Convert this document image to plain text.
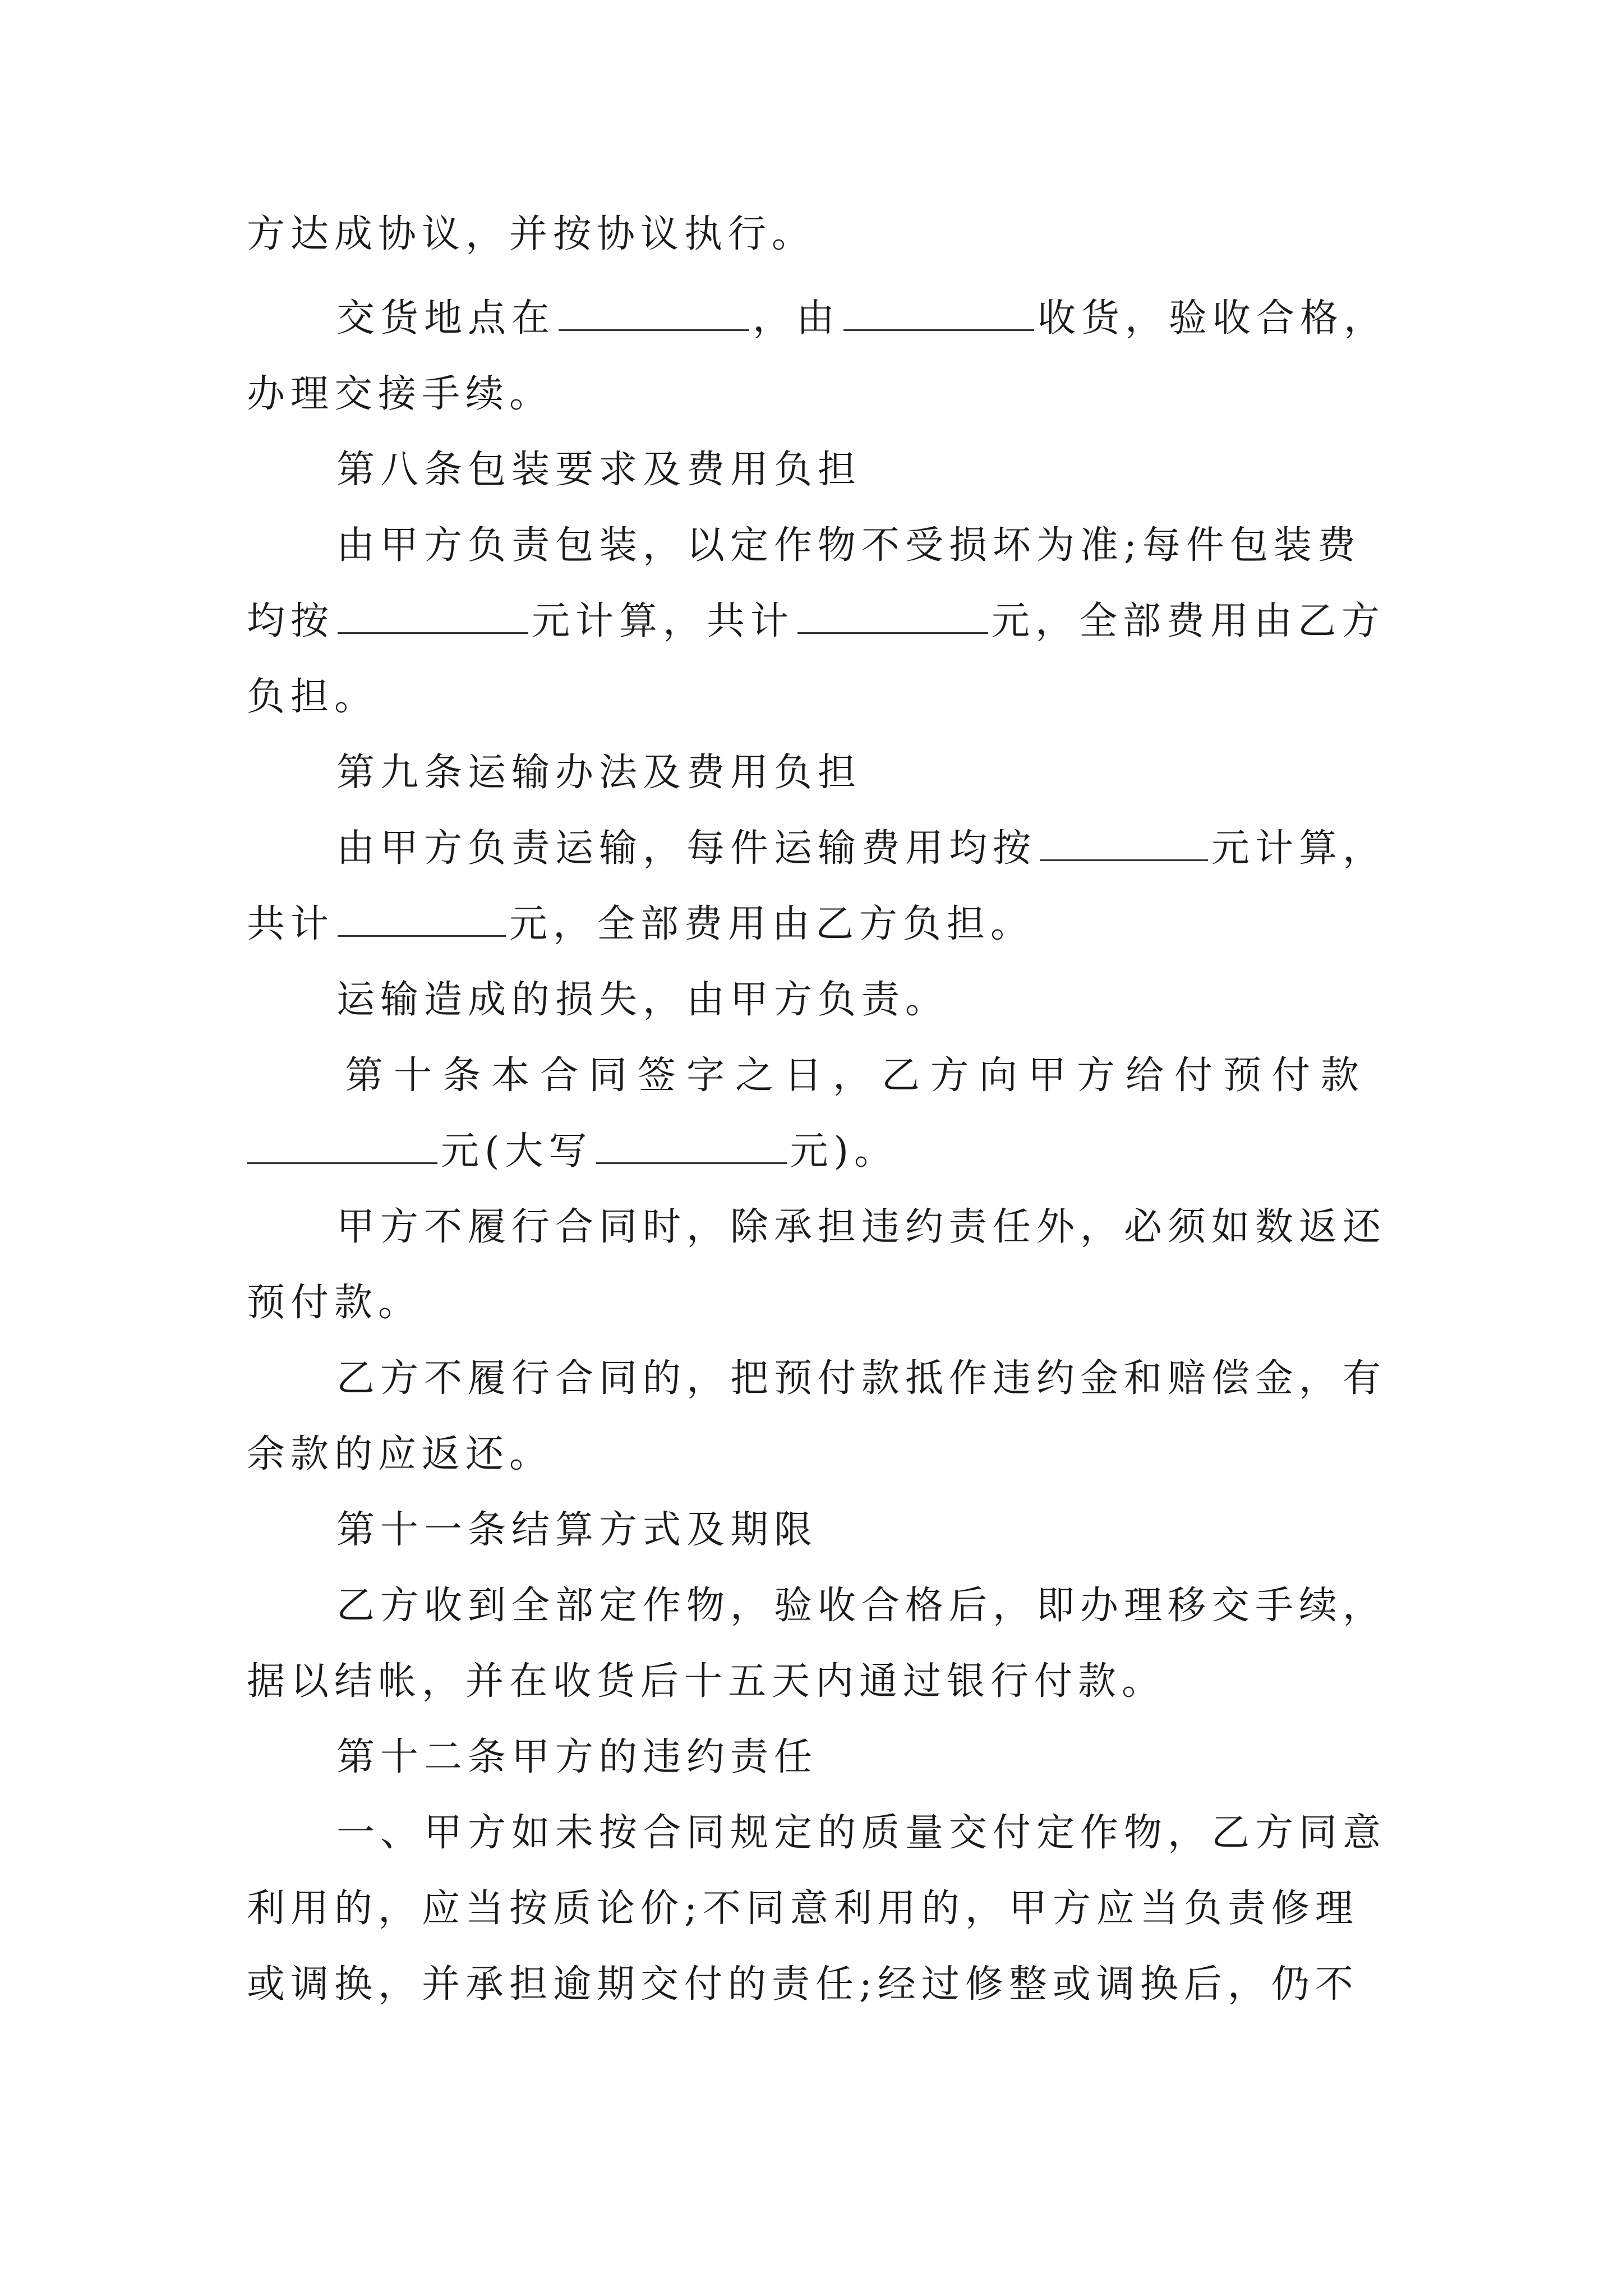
方达成协议，并按协议执行。
交货地点在	，由	收货，验收合格，
办理交接手续。
第八条包装要求及费用负担
由甲方负责包装，以定作物不受损坏为准;每件包装费
均按	元计算，共计	元，全部费用由乙方
负担。
第九条运输办法及费用负担
由甲方负责运输，每件运输费用均按	元计算，
共计	元，全部费用由乙方负担。
运输造成的损失，由甲方负责。
第十条本合同签字之日，乙方向甲方给付预付款
元(大写	元)。
甲方不履行合同时，除承担违约责任外，必须如数返还
预付款。
乙方不履行合同的，把预付款抵作违约金和赔偿金，有
余款的应返还。
第十一条结算方式及期限
乙方收到全部定作物，验收合格后，即办理移交手续，
据以结帐，并在收货后十五天内通过银行付款。
第十二条甲方的违约责任
一、甲方如未按合同规定的质量交付定作物，乙方同意
利用的，应当按质论价;不同意利用的，甲方应当负责修理
或调换，并承担逾期交付的责任;经过修整或调换后，仍不
